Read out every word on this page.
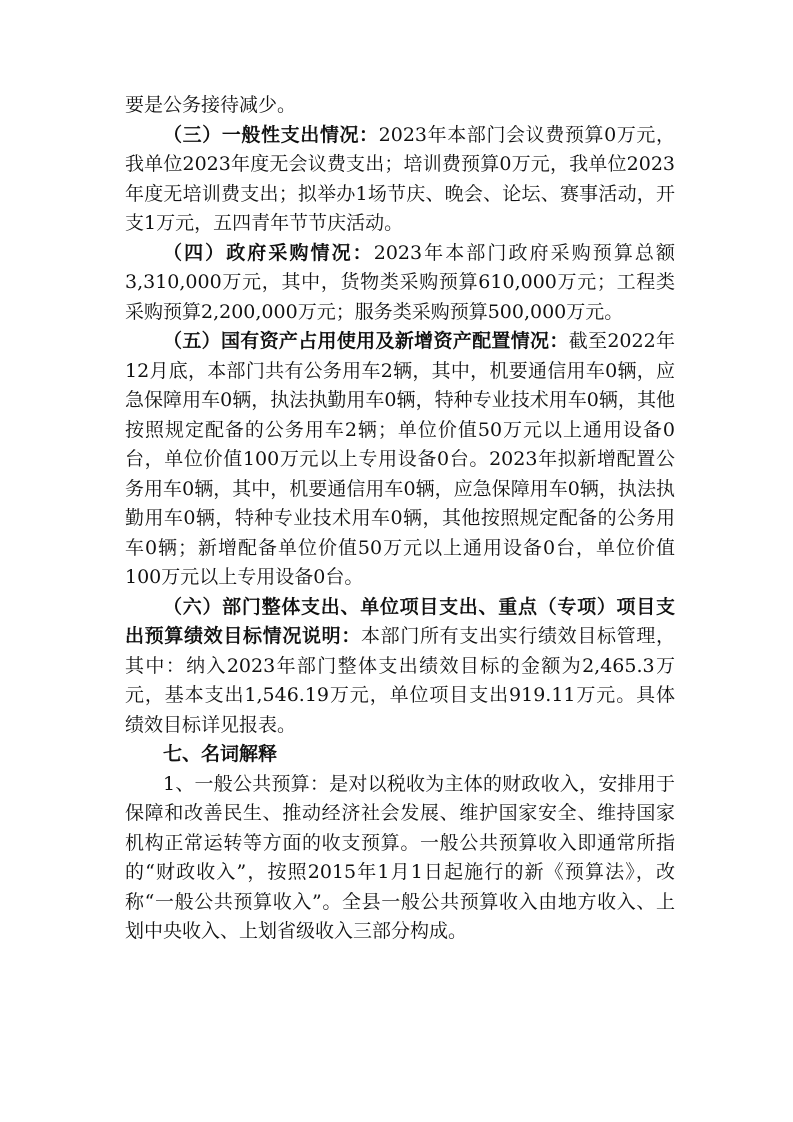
要是公务接待减少。

（三）一般性支出情况：2023年本部门会议费预算0万元，我单位2023年度无会议费支出；培训费预算0万元，我单位2023年度无培训费支出；拟举办1场节庆、晚会、论坛、赛事活动，开支1万元，五四青年节节庆活动。

（四）政府采购情况：2023年本部门政府采购预算总额3,310,000万元，其中，货物类采购预算610,000万元；工程类采购预算2,200,000万元；服务类采购预算500,000万元。

（五）国有资产占用使用及新增资产配置情况：截至2022年12月底，本部门共有公务用车2辆，其中，机要通信用车0辆，应急保障用车0辆，执法执勤用车0辆，特种专业技术用车0辆，其他按照规定配备的公务用车2辆；单位价值50万元以上通用设备0台，单位价值100万元以上专用设备0台。2023年拟新增配置公务用车0辆，其中，机要通信用车0辆，应急保障用车0辆，执法执勤用车0辆，特种专业技术用车0辆，其他按照规定配备的公务用车0辆；新增配备单位价值50万元以上通用设备0台，单位价值100万元以上专用设备0台。

（六）部门整体支出、单位项目支出、重点（专项）项目支出预算绩效目标情况说明：本部门所有支出实行绩效目标管理，其中：纳入2023年部门整体支出绩效目标的金额为2,465.3万元，基本支出1,546.19万元，单位项目支出919.11万元。具体绩效目标详见报表。

七、名词解释

1、一般公共预算：是对以税收为主体的财政收入，安排用于保障和改善民生、推动经济社会发展、维护国家安全、维持国家机构正常运转等方面的收支预算。一般公共预算收入即通常所指的“财政收入”，按照2015年1月1日起施行的新《预算法》，改称“一般公共预算收入”。全县一般公共预算收入由地方收入、上划中央收入、上划省级收入三部分构成。
